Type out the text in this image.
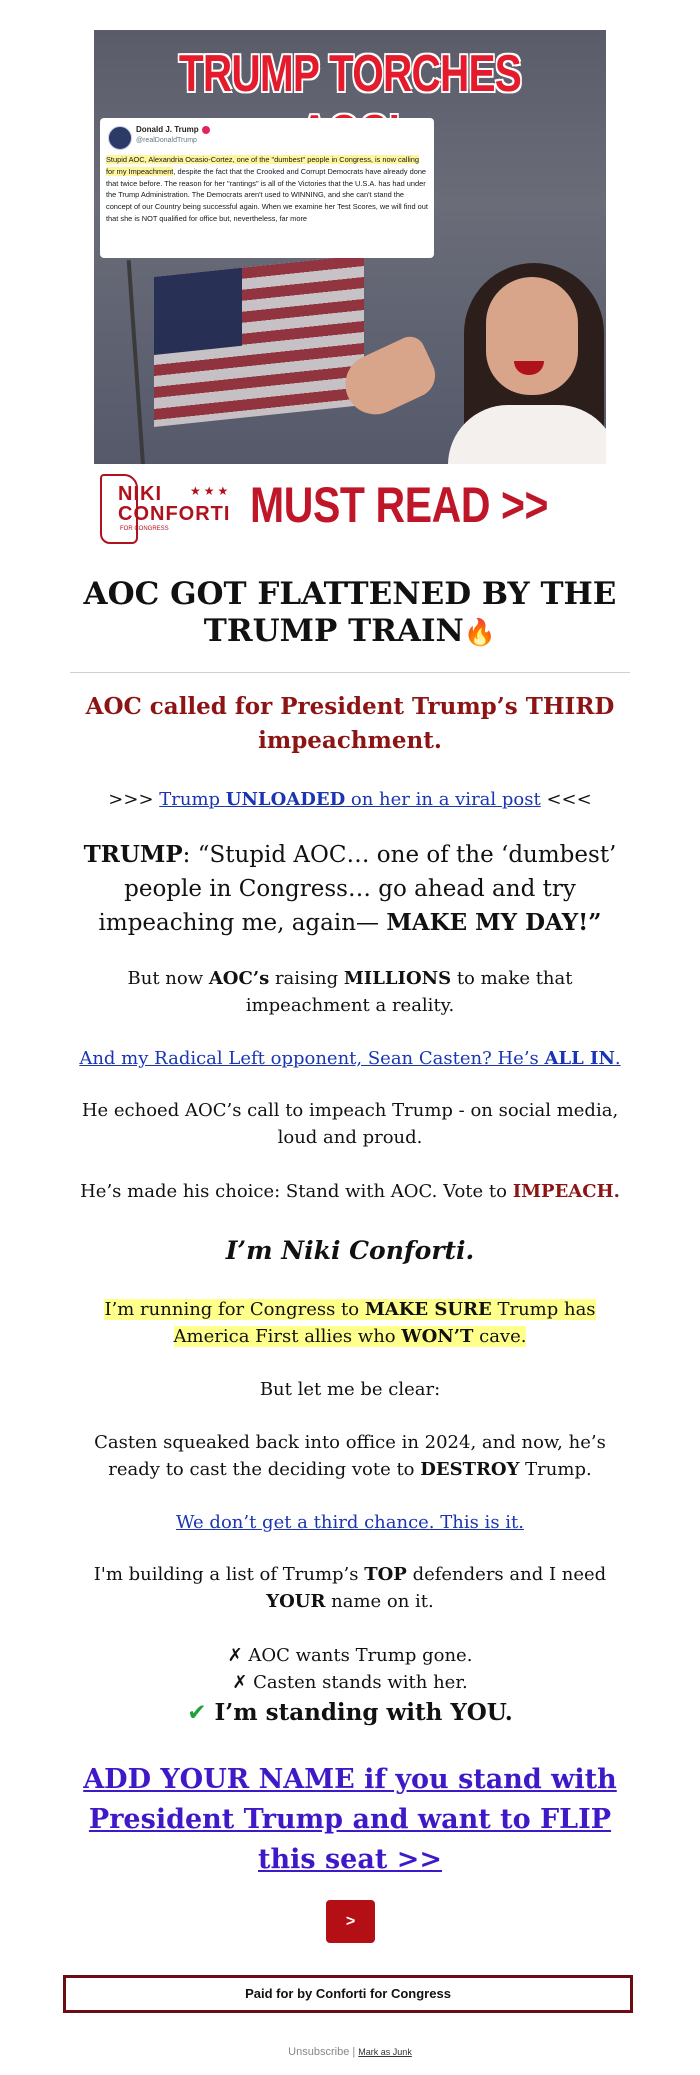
TRUMP TORCHES
Donald J. Trump
@realDonaldTrump
Stupid AOC, Alexandria Ocasio-Cortez, one of the "dumbest" people in Congress, is now calling for my Impeachment, despite the fact that the Crooked and Corrupt Democrats have already done that twice before. The reason for her "rantings" is all of the Victories that the U.S.A. has had under the Trump Administration. The Democrats aren't used to WINNING, and she can't stand the concept of our Country being successful again. When we examine her Test Scores, we will find out that she is NOT qualified for office but, nevertheless, far more
NIKI
CONFORTI
★★★
FOR CONGRESS MUST READ >>
AOC GOT FLATTENED BY THE TRUMP TRAIN🔥
AOC called for President Trump’s THIRD impeachment.
>>> Trump UNLOADED on her in a viral post <<<
TRUMP: “Stupid AOC… one of the ‘dumbest’ people in Congress… go ahead and try impeaching me, again— MAKE MY DAY!”
But now AOC’s raising MILLIONS to make that impeachment a reality.
And my Radical Left opponent, Sean Casten? He’s ALL IN.
He echoed AOC’s call to impeach Trump - on social media, loud and proud.
He’s made his choice: Stand with AOC. Vote to IMPEACH.
I’m Niki Conforti.
I’m running for Congress to MAKE SURE Trump has America First allies who WON’T cave.
But let me be clear:
Casten squeaked back into office in 2024, and now, he’s ready to cast the deciding vote to DESTROY Trump.
We don’t get a third chance. This is it.
I'm building a list of Trump’s TOP defenders and I need YOUR name on it.
✗ AOC wants Trump gone.
✗ Casten stands with her.
✔ I’m standing with YOU.
ADD YOUR NAME if you stand with President Trump and want to FLIP this seat >>
>
Paid for by Conforti for Congress
Unsubscribe | Mark as Junk
